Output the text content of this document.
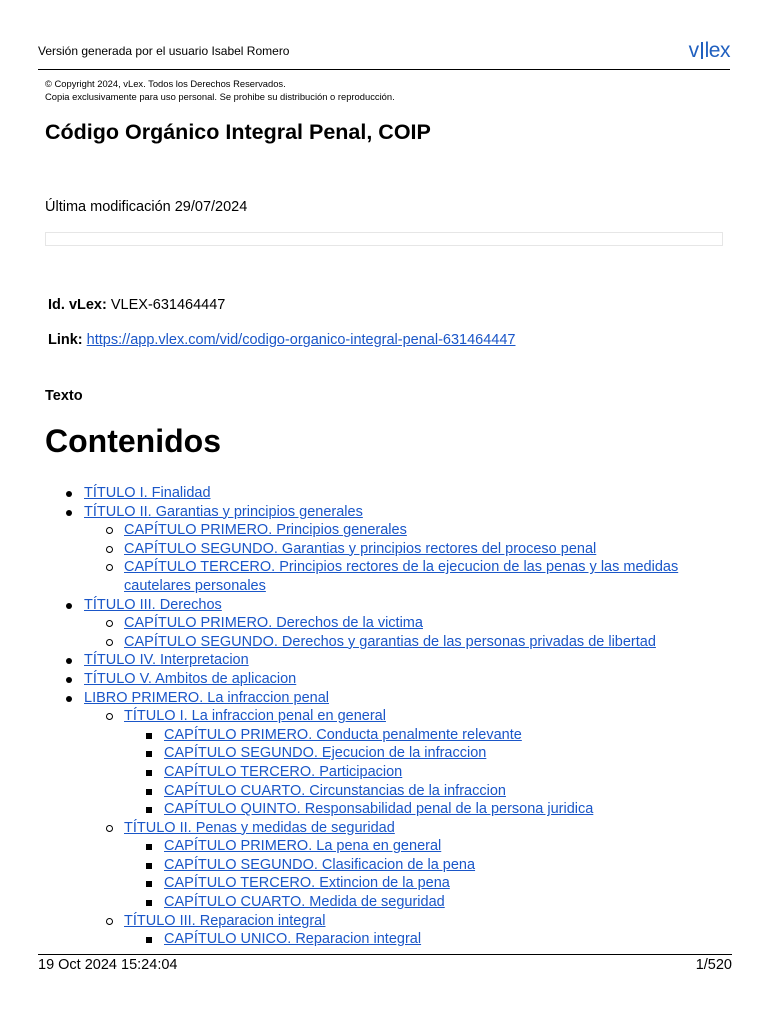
Versión generada por el usuario Isabel Romero	v lex
© Copyright 2024, vLex. Todos los Derechos Reservados.
Copia exclusivamente para uso personal. Se prohibe su distribución o reproducción.
Código Orgánico Integral Penal, COIP
Última modificación 29/07/2024
Id. vLex: VLEX-631464447
Link: https://app.vlex.com/vid/codigo-organico-integral-penal-631464447
Texto
Contenidos
TÍTULO I. Finalidad
TÍTULO II. Garantias y principios generales
CAPÍTULO PRIMERO. Principios generales
CAPÍTULO SEGUNDO. Garantias y principios rectores del proceso penal
CAPÍTULO TERCERO. Principios rectores de la ejecucion de las penas y las medidas cautelares personales
TÍTULO III. Derechos
CAPÍTULO PRIMERO. Derechos de la victima
CAPÍTULO SEGUNDO. Derechos y garantias de las personas privadas de libertad
TÍTULO IV. Interpretacion
TÍTULO V. Ambitos de aplicacion
LIBRO PRIMERO. La infraccion penal
TÍTULO I. La infraccion penal en general
CAPÍTULO PRIMERO. Conducta penalmente relevante
CAPÍTULO SEGUNDO. Ejecucion de la infraccion
CAPÍTULO TERCERO. Participacion
CAPÍTULO CUARTO. Circunstancias de la infraccion
CAPÍTULO QUINTO. Responsabilidad penal de la persona juridica
TÍTULO II. Penas y medidas de seguridad
CAPÍTULO PRIMERO. La pena en general
CAPÍTULO SEGUNDO. Clasificacion de la pena
CAPÍTULO TERCERO. Extincion de la pena
CAPÍTULO CUARTO. Medida de seguridad
TÍTULO III. Reparacion integral
CAPÍTULO UNICO. Reparacion integral
19 Oct 2024 15:24:04	1/520
